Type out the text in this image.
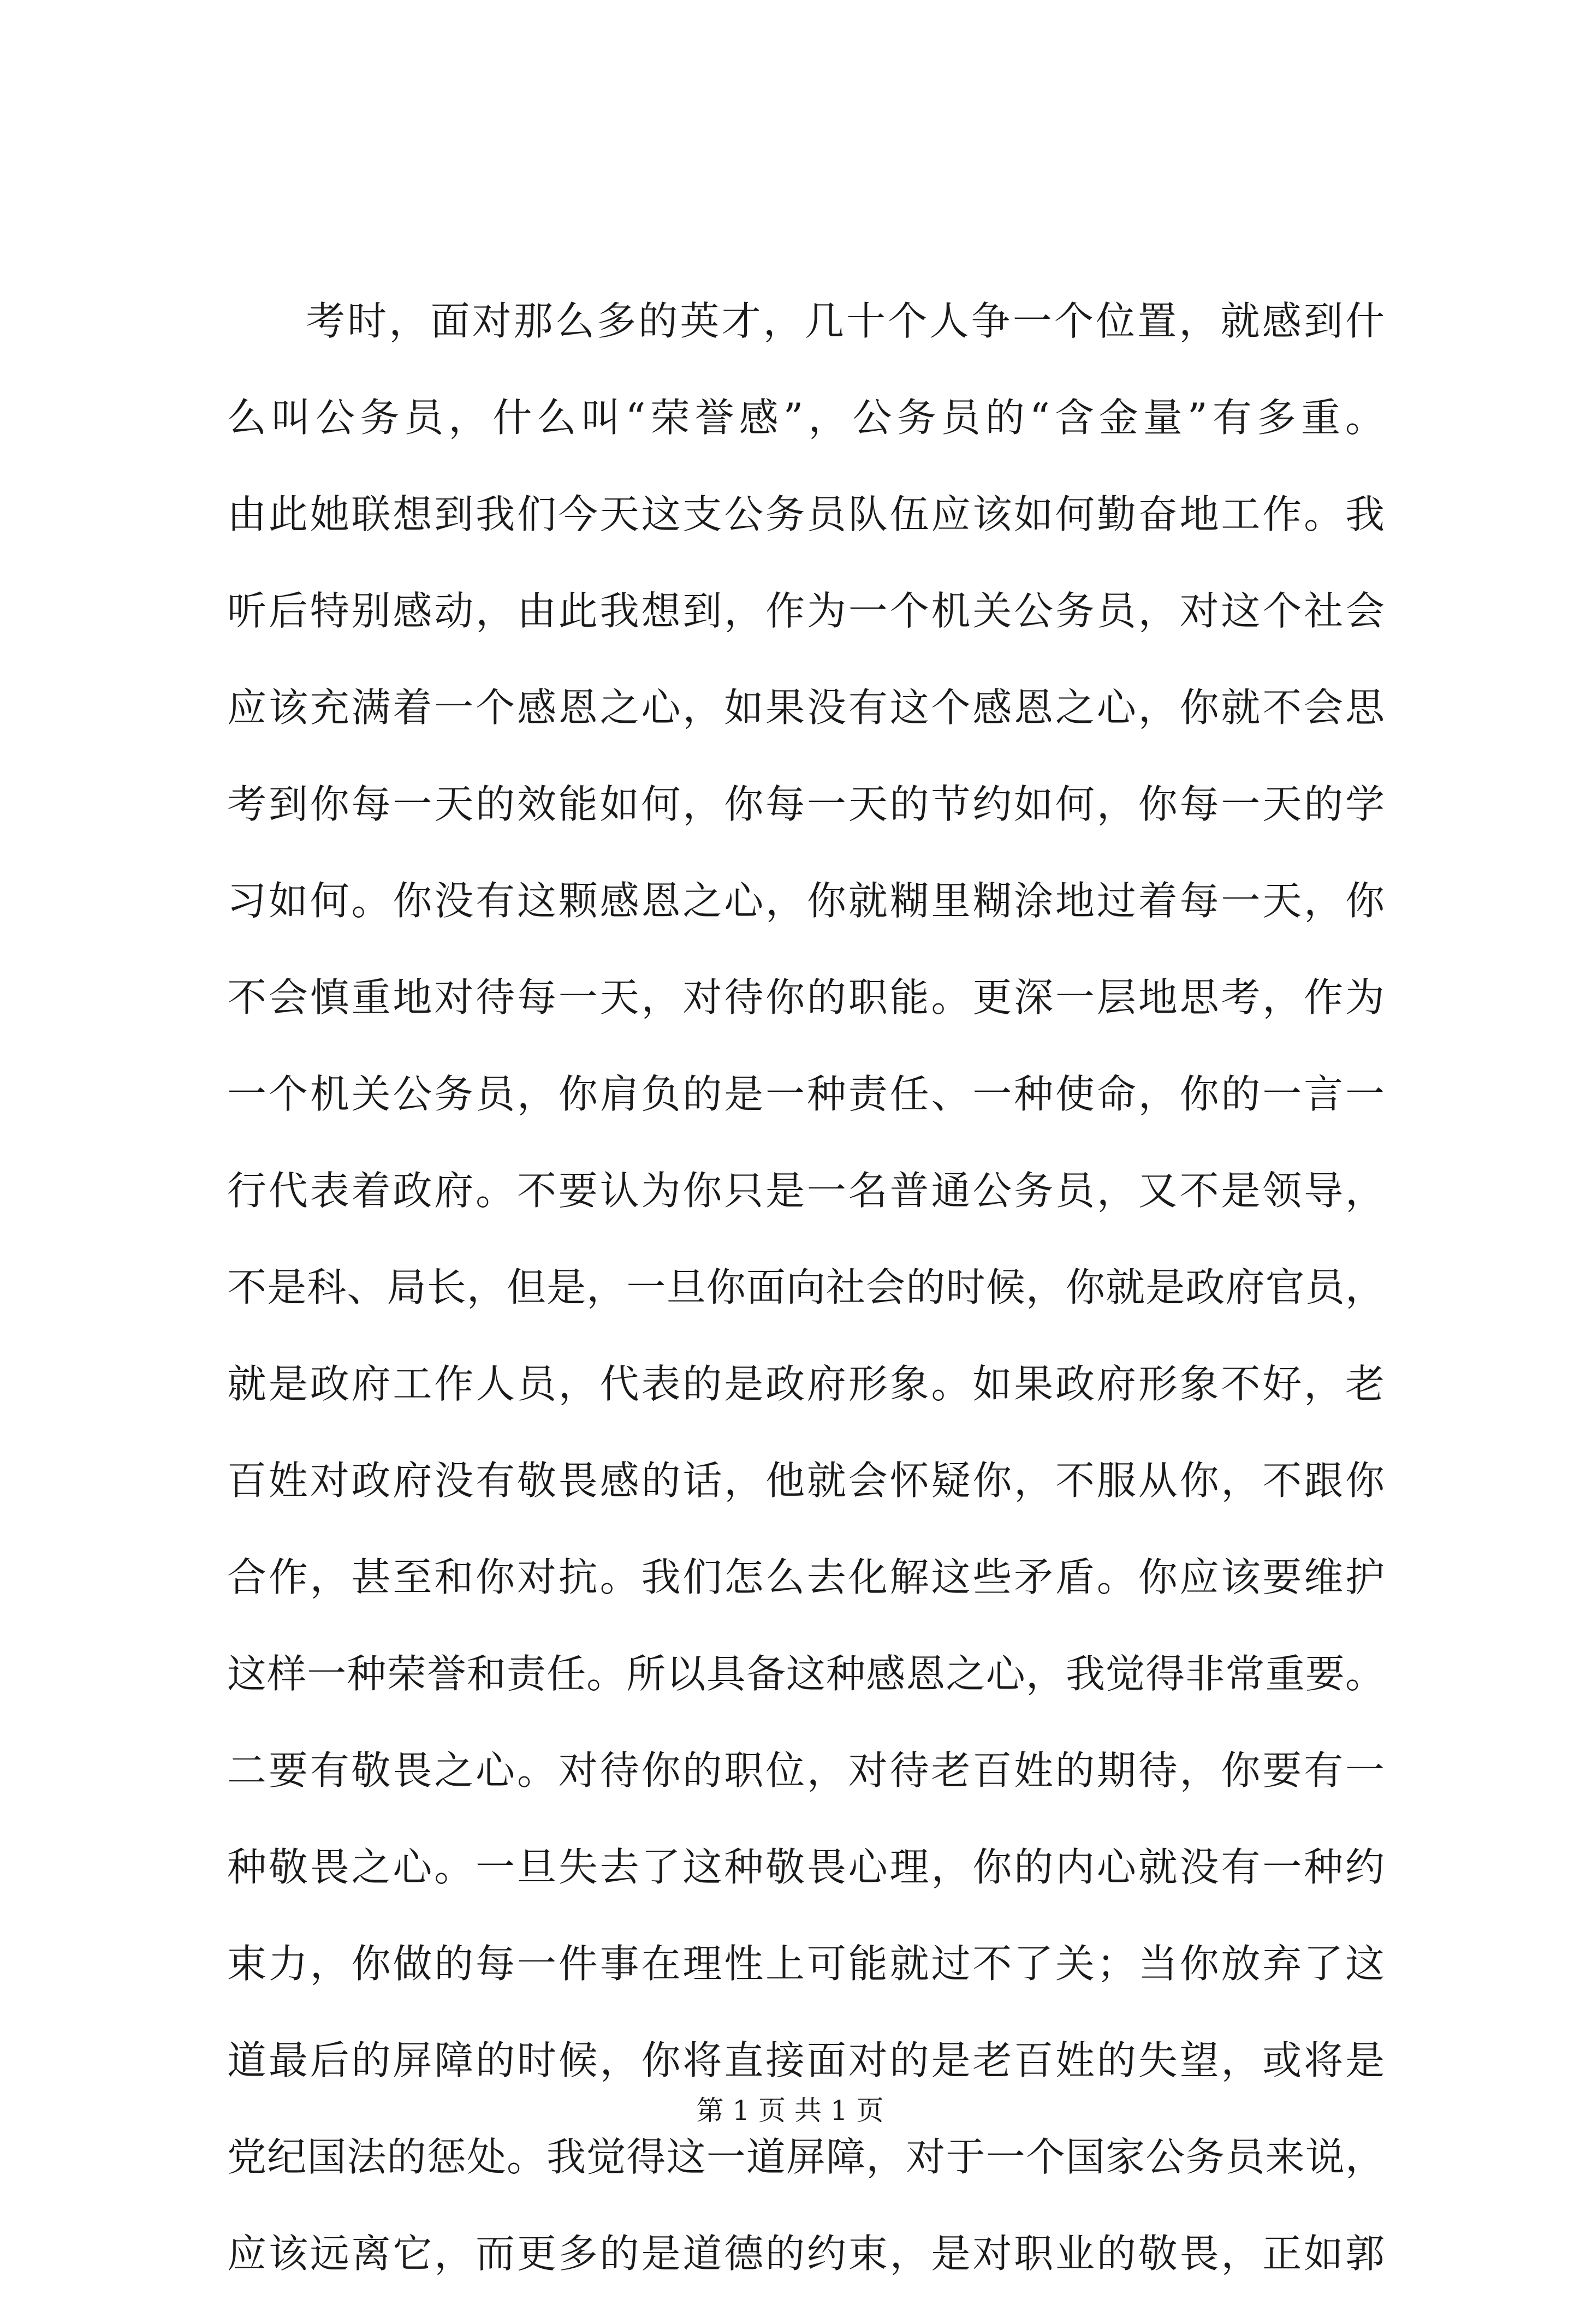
考时，面对那么多的英才，几十个人争一个位置，就感到什
么叫公务员，什么叫“荣誉感”，公务员的“含金量”有多重。
由此她联想到我们今天这支公务员队伍应该如何勤奋地工作。我
听后特别感动，由此我想到，作为一个机关公务员，对这个社会
应该充满着一个感恩之心，如果没有这个感恩之心，你就不会思
考到你每一天的效能如何，你每一天的节约如何，你每一天的学
习如何。你没有这颗感恩之心，你就糊里糊涂地过着每一天，你
不会慎重地对待每一天，对待你的职能。更深一层地思考，作为
一个机关公务员，你肩负的是一种责任、一种使命，你的一言一
行代表着政府。不要认为你只是一名普通公务员，又不是领导，
不是科、局长，但是，一旦你面向社会的时候，你就是政府官员，
就是政府工作人员，代表的是政府形象。如果政府形象不好，老
百姓对政府没有敬畏感的话，他就会怀疑你，不服从你，不跟你
合作，甚至和你对抗。我们怎么去化解这些矛盾。你应该要维护
这样一种荣誉和责任。所以具备这种感恩之心，我觉得非常重要。
二要有敬畏之心。对待你的职位，对待老百姓的期待，你要有一
种敬畏之心。一旦失去了这种敬畏心理，你的内心就没有一种约
束力，你做的每一件事在理性上可能就过不了关；当你放弃了这
道最后的屏障的时候，你将直接面对的是老百姓的失望，或将是
党纪国法的惩处。我觉得这一道屏障，对于一个国家公务员来说，
应该远离它，而更多的是道德的约束，是对职业的敬畏，正如郭
第 1 页 共 1 页
